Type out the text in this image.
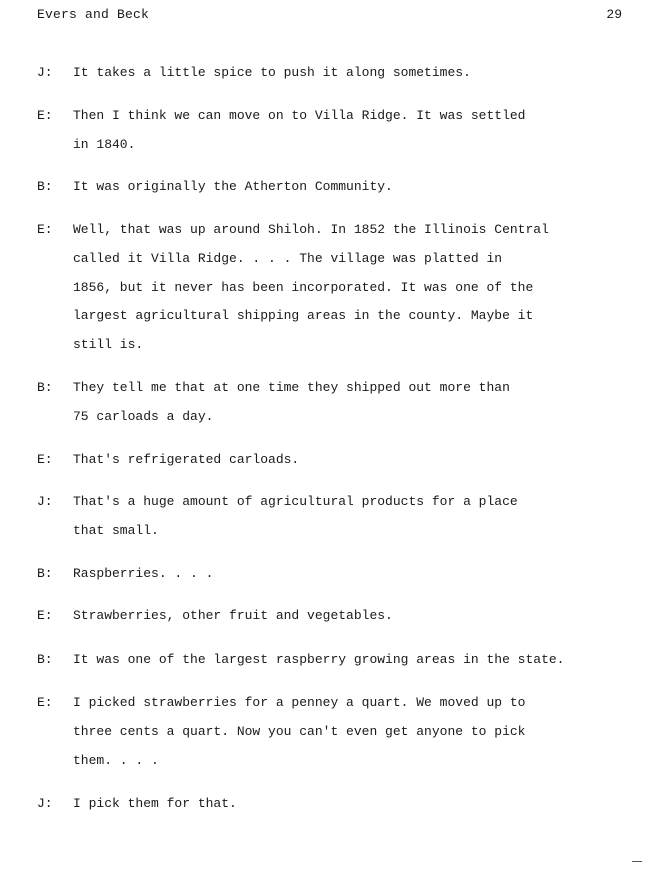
Evers and Beck	29
J:	It takes a little spice to push it along sometimes.
E:	Then I think we can move on to Villa Ridge. It was settled
in 1840.
B:	It was originally the Atherton Community.
E:	Well, that was up around Shiloh. In 1852 the Illinois Central
called it Villa Ridge. . . . The village was platted in
1856, but it never has been incorporated. It was one of the
largest agricultural shipping areas in the county. Maybe it
still is.
B:	They tell me that at one time they shipped out more than
75 carloads a day.
E:	That's refrigerated carloads.
J:	That's a huge amount of agricultural products for a place
that small.
B:	Raspberries. . . .
E:	Strawberries, other fruit and vegetables.
B:	It was one of the largest raspberry growing areas in the state.
E:	I picked strawberries for a penney a quart. We moved up to
three cents a quart. Now you can't even get anyone to pick
them. . . .
J:	I pick them for that.
